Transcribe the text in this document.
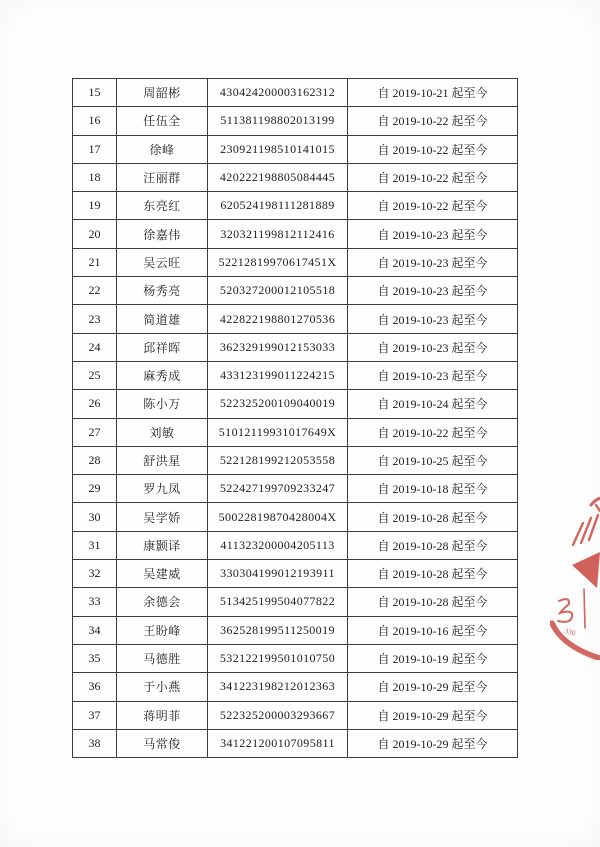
15	周韶彬	430424200003162312	自 2019-10-21 起至今
16	任伍全	511381198802013199	自 2019-10-22 起至今
17	徐峰	230921198510141015	自 2019-10-22 起至今
18	汪丽群	420222198805084445	自 2019-10-22 起至今
19	东亮红	620524198111281889	自 2019-10-22 起至今
20	徐嘉伟	320321199812112416	自 2019-10-23 起至今
21	吴云旺	52212819970617451X	自 2019-10-23 起至今
22	杨秀亮	520327200012105518	自 2019-10-23 起至今
23	简道雄	422822198801270536	自 2019-10-23 起至今
24	邱祥晖	362329199012153033	自 2019-10-23 起至今
25	麻秀成	433123199011224215	自 2019-10-23 起至今
26	陈小万	522325200109040019	自 2019-10-24 起至今
27	刘敏	51012119931017649X	自 2019-10-22 起至今
28	舒洪星	522128199212053558	自 2019-10-25 起至今
29	罗九凤	522427199709233247	自 2019-10-18 起至今
30	吴学娇	50022819870428004X	自 2019-10-28 起至今
31	康颢译	411323200004205113	自 2019-10-28 起至今
32	吴建威	330304199012193911	自 2019-10-28 起至今
33	余德会	513425199504077822	自 2019-10-28 起至今
34	王盼峰	362528199511250019	自 2019-10-16 起至今
35	马德胜	532122199501010750	自 2019-10-19 起至今
36	于小燕	341223198212012363	自 2019-10-29 起至今
37	蒋明菲	522325200003293667	自 2019-10-29 起至今
38	马常俊	341221200107095811	自 2019-10-29 起至今
330
